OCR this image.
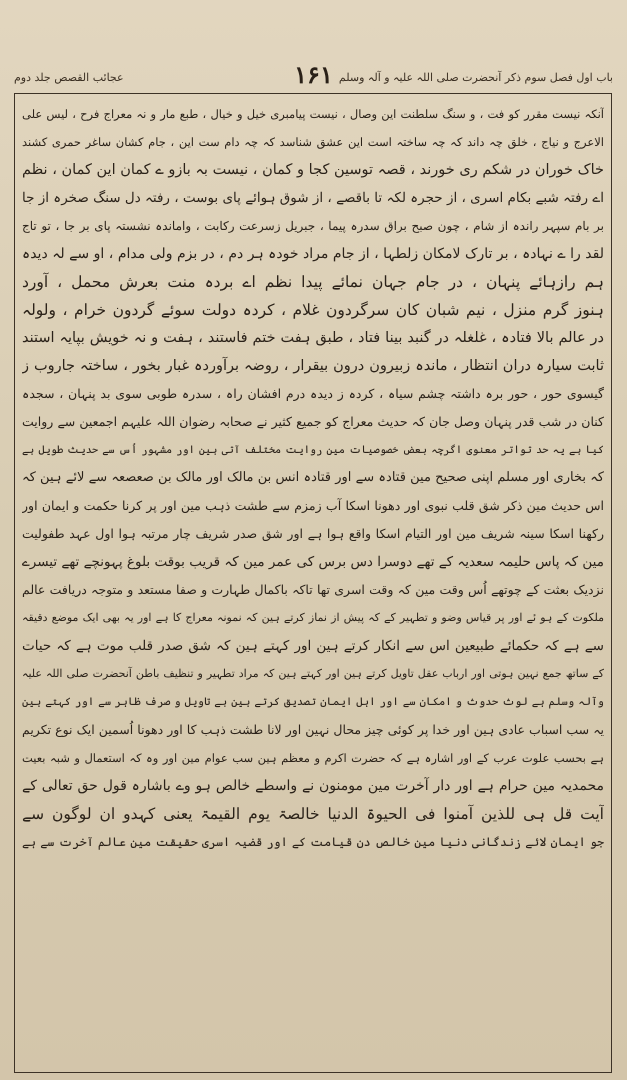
باب اول فصل سوم ذکر آنحضرت صلی اللہ علیہ و آلہ وسلم
۱۶۱
عجائب القصص جلد دوم
آنکہ نیست مقرر کو فت ، و سنگ سلطنت این وصال ، نیست پیامبری خیل و خیال ، طبع مار و نہ معراج فرح ، لیس علی
الاعرج و نیاج ، خلق چہ داند کہ چہ ساختہ است این عشق شناسد کہ چہ دام ست این ، جام کشان ساغر حمری کشند
خاک خوران در شکم ری خورند ، قصہ توسین کجا و کمان ، نیست بہ بازو ے کمان این کمان ، نظم
اے رفتہ شبے بکام اسری ، از حجرہ لکہ تا باقصے ، از شوق ہوائے پای بوست ، رفتہ دل سنگ صخرہ از جا
بر بام سپہر راندہ از شام ، چون صبح براق سدرہ پیما ، جبریل زسرعت رکابت ، واماندہ نشستہ پای بر جا ، تو تاج
لقد را ے نہادہ ، بر تارک لامکان زلطہا ، از جام مراد خودہ ہر دم ، در بزم ولی مدام ، او سے لہ دیدہ
ہم رازہائے پنہان ، در جام جہان نمائے پیدا نظم اے بردہ منت بعرش محمل ، آورد
ہنوز گرم منزل ، نیم شبان کان سرگردون غلام ، کردہ دولت سوئے گردون خرام ، ولولہ
در عالم بالا فتادہ ، غلغلہ در گنبد بینا فتاد ، طبق ہفت ختم فاستند ، ہفت و نہ خویش بپایہ استند
ثابت سیارہ دران انتظار ، ماندہ زبیرون درون بیقرار ، روضہ برآوردہ غبار بخور ، ساختہ جاروب ز
گیسوی حور ، حور برہ داشتہ چشم سیاہ ، کردہ ز دیدہ درم افشان راہ ، سدرہ طوبی سوی بد پنہان ، سجدہ
کنان در شب قدر پنہان وصل جان کہ حدیث معراج کو جمیع کثیر نے صحابہ رضوان اللہ علیہم اجمعین سے روایت
کیا ہے یہ حد تواتر معنوی اگرچہ بعض خصوصیات مین روایت مختلف آتی ہین اور مشہور اُس سے حدیث طویل ہے
کہ بخاری اور مسلم اپنی صحیح مین قتادہ سے اور قتادہ انس بن مالک اور مالک بن صعصعہ سے لائے ہین کہ
اس حدیث مین ذکر شق قلب نبوی اور دھونا اسکا آب زمزم سے طشت ذہب مین اور پر کرنا حکمت و ایمان اور
رکھنا اسکا سینہ شریف مین اور التیام اسکا واقع ہوا ہے اور شق صدر شریف چار مرتبہ ہوا اول عہد طفولیت
مین کہ پاس حلیمہ سعدیہ کے تھے دوسرا دس برس کی عمر مین کہ قریب بوقت بلوغ پہونچے تھے تیسرے
نزدیک بعثت کے چوتھے اُس وقت مین کہ وقت اسری تھا تاکہ باکمال طہارت و صفا مستعد و متوجہ دریافت عالم
ملکوت کے ہو ئے اور پر قیاس وضو و تطہیر کے کہ پیش از نماز کرتے ہین کہ نمونہ معراج کا ہے اور یہ بھی ایک موضع دقیقہ
سے ہے کہ حکمائے طبیعین اس سے انکار کرتے ہین اور کہتے ہین کہ شق صدر قلب موت ہے کہ حیات
کے ساتھ جمع نہین ہوتی اور ارباب عقل تاویل کرتے ہین اور کہتے ہین کہ مراد تطہیر و تنظیف باطن آنحضرت صلی اللہ علیہ
وآلہ وسلم ہے لوث حدوث و امکان سے اور اہل ایمان تصدیق کرتے ہین بے تاویل و صرف ظاہر سے اور کہتے ہین
یہ سب اسباب عادی ہین اور خدا پر کوئی چیز محال نہین اور لانا طشت ذہب کا اور دھونا اُسمین ایک نوع تکریم
ہے بحسب علوت عرب کے اور اشارہ ہے کہ حضرت اکرم و معظم ہین سب عوام مین اور وہ کہ استعمال و شبہ بعیت
محمدیہ مین حرام ہے اور دار آخرت مین مومنون نے واسطے خالص ہو وے باشارہ قول حق تعالی کے
آیت قل ہی للذین آمنوا فی الحیوۃ الدنیا خالصۃ یوم القیمۃ یعنی کہدو ان لوگون سے
جو ایمان لائے زندگانی دنیا مین خالص دن قیامت کے اور قضیہ اسری حقیقت مین عالم آخرت سے ہے
